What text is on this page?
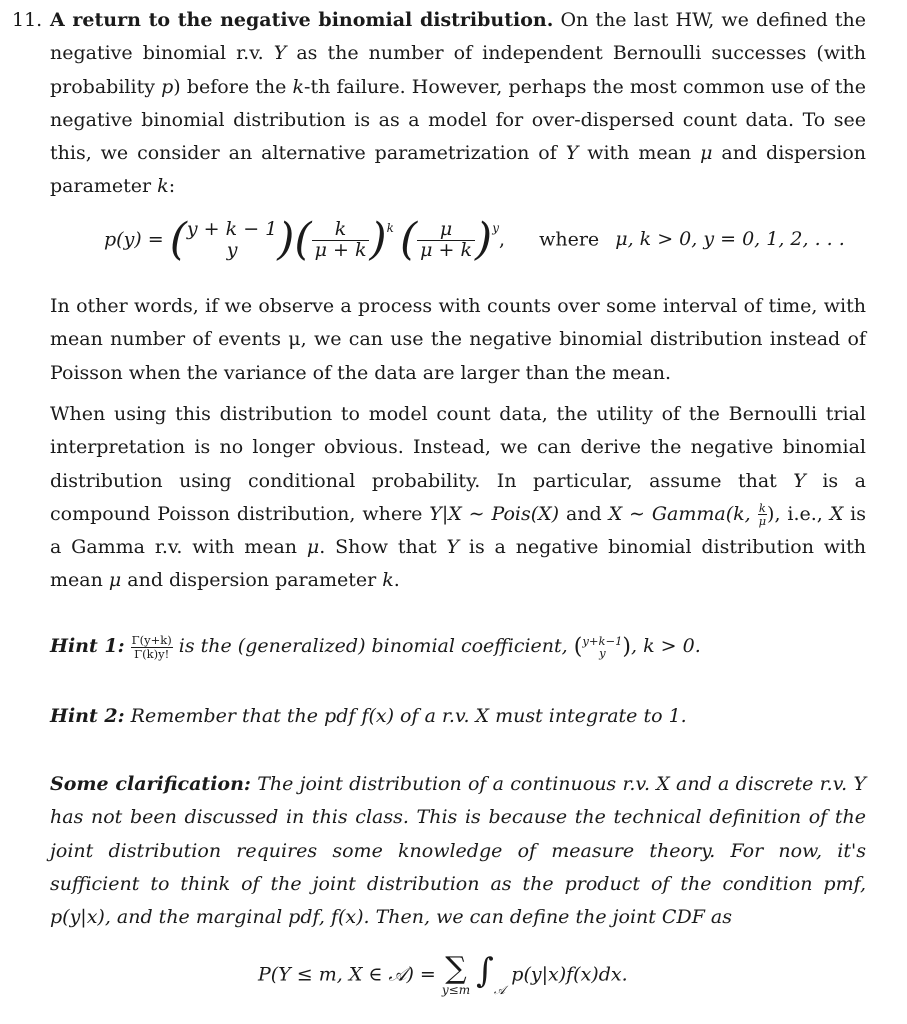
11. A return to the negative binomial distribution. On the last HW, we defined the negative binomial r.v. Y as the number of independent Bernoulli successes (with probability p) before the k-th failure. However, perhaps the most common use of the negative binomial distribution is as a model for over-dispersed count data. To see this, we consider an alternative parametrization of Y with mean μ and dispersion parameter k:
p(y) = ( y + k − 1
y )( $\frac{k}{\mu + k} )^k$ ( $\frac{\mu}{\mu + k} )^y$, where μ, k > 0, y = 0, 1, 2, . . .
In other words, if we observe a process with counts over some interval of time, with mean number of events μ, we can use the negative binomial distribution instead of Poisson when the variance of the data are larger than the mean.
When using this distribution to model count data, the utility of the Bernoulli trial interpretation is no longer obvious. Instead, we can derive the negative binomial distribution using conditional probability. In particular, assume that Y is a compound Poisson distribution, where Y|X ∼ Pois(X) and X ∼ Gamma(k, $\frac{k}{\mu}$ ), i.e., X is a Gamma r.v. with mean μ. Show that Y is a negative binomial distribution with mean μ and dispersion parameter k.
Hint 1: $\frac{\Gamma(y+k)}{\Gamma(k)y!}$ is the (generalized) binomial coefficient, ( y+k−1
y ), k > 0.
Hint 2: Remember that the pdf f(x) of a r.v. X must integrate to 1.
Some clarification: The joint distribution of a continuous r.v. X and a discrete r.v. Y has not been discussed in this class. This is because the technical definition of the joint distribution requires some knowledge of measure theory. For now, it's sufficient to think of the joint distribution as the product of the condition pmf, p(y|x), and the marginal pdf, f(x). Then, we can define the joint CDF as
P(Y ≤ m, X ∈ 𝒜) = ∑
y≤m $\int_𝒜$ p(y|x)f(x)dx.
